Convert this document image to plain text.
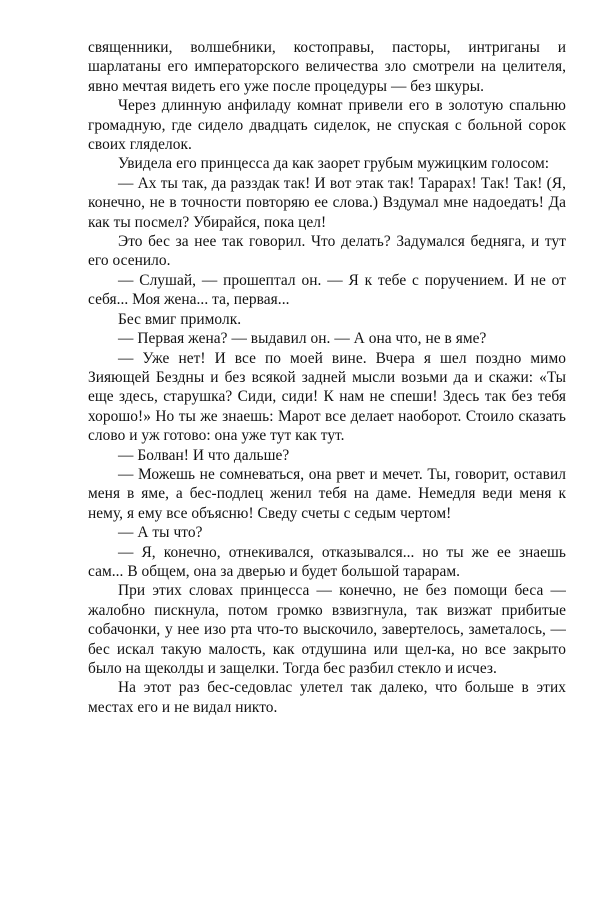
священники, волшебники, костоправы, пасторы, интриганы и шарлатаны его императорского величества зло смотрели на целителя, явно мечтая видеть его уже после процедуры — без шкуры.

Через длинную анфиладу комнат привели его в золотую спальню громадную, где сидело двадцать сиделок, не спуская с больной сорок своих гляделок.

Увидела его принцесса да как заорет грубым мужицким голосом:

— Ах ты так, да разздак так! И вот этак так! Тарарах! Так! Так! (Я, конечно, не в точности повторяю ее слова.) Вздумал мне надоедать! Да как ты посмел? Убирайся, пока цел!

Это бес за нее так говорил. Что делать? Задумался бедняга, и тут его осенило.

— Слушай, — прошептал он. — Я к тебе с поручением. И не от себя... Моя жена... та, первая...

Бес вмиг примолк.

— Первая жена? — выдавил он. — А она что, не в яме?

— Уже нет! И все по моей вине. Вчера я шел поздно мимо Зияющей Бездны и без всякой задней мысли возьми да и скажи: «Ты еще здесь, старушка? Сиди, сиди! К нам не спеши! Здесь так без тебя хорошо!» Но ты же знаешь: Марот все делает наоборот. Стоило сказать слово и уж готово: она уже тут как тут.

— Болван! И что дальше?

— Можешь не сомневаться, она рвет и мечет. Ты, говорит, оставил меня в яме, а бес-подлец женил тебя на даме. Немедля веди меня к нему, я ему все объясню! Сведу счеты с седым чертом!

— А ты что?

— Я, конечно, отнекивался, отказывался... но ты же ее знаешь сам... В общем, она за дверью и будет большой тарарам.

При этих словах принцесса — конечно, не без помощи беса — жалобно пискнула, потом громко взвизгнула, так визжат прибитые собачонки, у нее изо рта что-то выскочило, завертелось, заметалось, — бес искал такую малость, как отдушина или щел-ка, но все закрыто было на щеколды и защелки. Тогда бес разбил стекло и исчез.

На этот раз бес-седовлас улетел так далеко, что больше в этих местах его и не видал никто.
